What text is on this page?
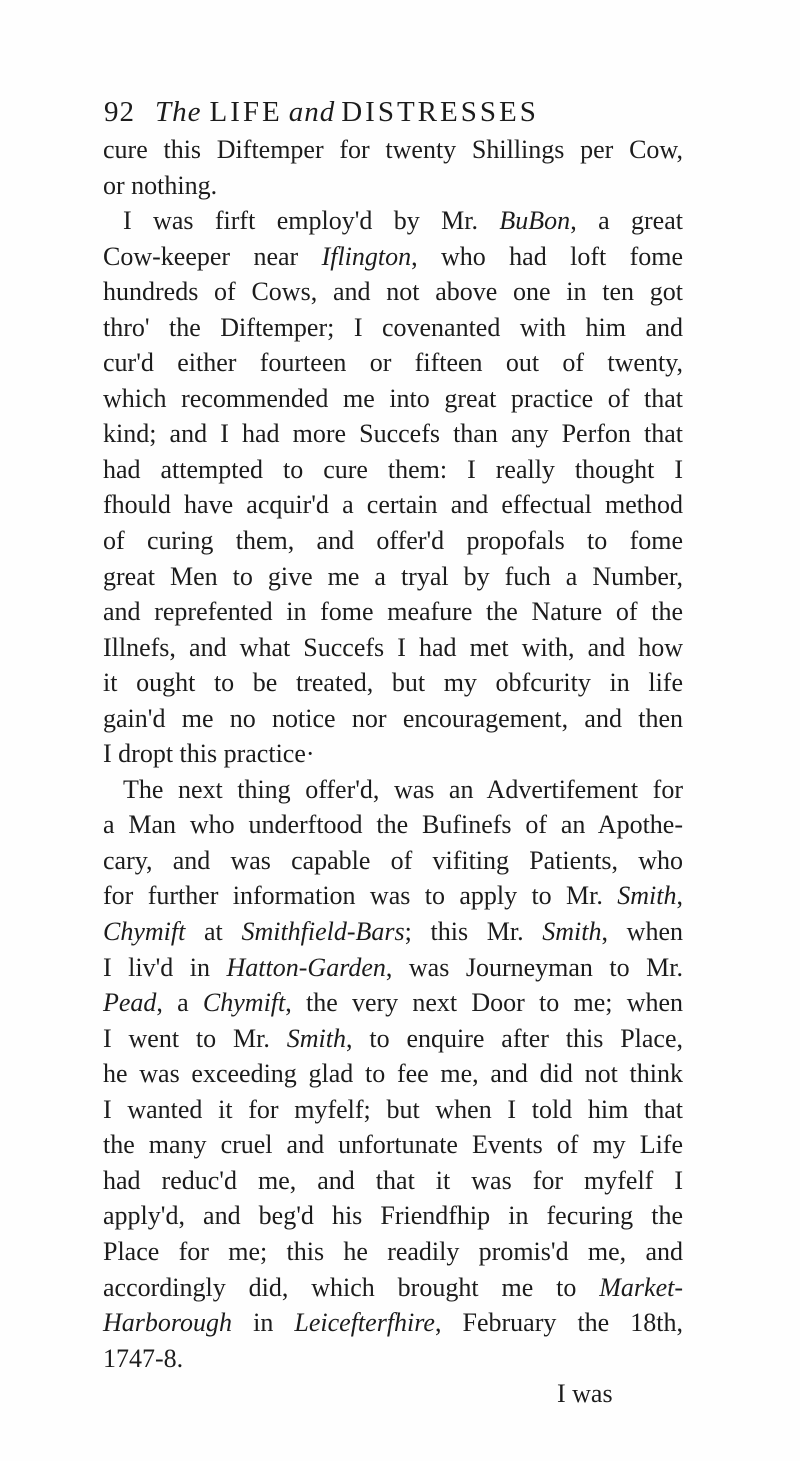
92 The LIFE and DISTRESSES
cure this Diftemper for twenty Shillings per Cow,
or nothing.
I was firft employ'd by Mr. BuBon, a great
Cow-keeper near Iflington, who had loft fome
hundreds of Cows, and not above one in ten got
thro' the Diftemper; I covenanted with him and
cur'd either fourteen or fifteen out of twenty,
which recommended me into great practice of that
kind; and I had more Succefs than any Perfon that
had attempted to cure them: I really thought I
fhould have acquir'd a certain and effectual method
of curing them, and offer'd propofals to fome
great Men to give me a tryal by fuch a Number,
and reprefented in fome meafure the Nature of the
Illnefs, and what Succefs I had met with, and how
it ought to be treated, but my obfcurity in life
gain'd me no notice nor encouragement, and then
I dropt this practice·
The next thing offer'd, was an Advertifement for
a Man who underftood the Bufinefs of an Apothe-
cary, and was capable of vifiting Patients, who
for further information was to apply to Mr. Smith,
Chymift at Smithfield-Bars; this Mr. Smith, when
I liv'd in Hatton-Garden, was Journeyman to Mr.
Pead, a Chymift, the very next Door to me; when
I went to Mr. Smith, to enquire after this Place,
he was exceeding glad to fee me, and did not think
I wanted it for myfelf; but when I told him that
the many cruel and unfortunate Events of my Life
had reduc'd me, and that it was for myfelf I
apply'd, and beg'd his Friendfhip in fecuring the
Place for me; this he readily promis'd me, and
accordingly did, which brought me to Market-
Harborough in Leicefterfhire, February the 18th,
1747-8.
I was
